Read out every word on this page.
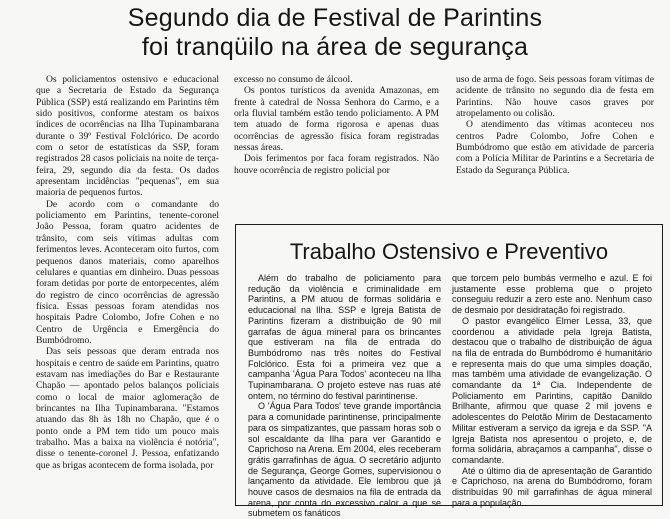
Segundo dia de Festival de Parintins
foi tranqüilo na área de segurança

Os policiamentos ostensivo e educacional que a Secretaria de Estado da Segurança Pública (SSP) está realizando em Parintins têm sido positivos, conforme atestam os baixos índices de ocorrências na Ilha Tupinambarana durante o 39º Festival Folclórico. De acordo com o setor de estatísticas da SSP, foram registrados 28 casos policiais na noite de terça-feira, 29, segundo dia da festa. Os dados apresentam incidências "pequenas", em sua maioria de pequenos furtos.

De acordo com o comandante do policiamento em Parintins, tenente-coronel João Pessoa, foram quatro acidentes de trânsito, com seis vítimas adultas com ferimentos leves. Aconteceram oito furtos, com pequenos danos materiais, como aparelhos celulares e quantias em dinheiro. Duas pessoas foram detidas por porte de entorpecentes, além do registro de cinco ocorrências de agressão física. Essas pessoas foram atendidas nos hospitais Padre Colombo, Jofre Cohen e no Centro de Urgência e Emergência do Bumbódromo.

Das seis pessoas que deram entrada nos hospitais e centro de saúde em Parintins, quatro estavam nas imediações do Bar e Restaurante Chapão — apontado pelos balanços policiais como o local de maior aglomeração de brincantes na Ilha Tupinambarana. "Estamos atuando das 8h às 18h no Chapão, que é o ponto onde a PM tem tido um pouco mais trabalho. Mas a baixa na violência é notória", disse o tenente-coronel J. Pessoa, enfatizando que as brigas acontecem de forma isolada, por

excesso no consumo de álcool.

Os pontos turísticos da avenida Amazonas, em frente à catedral de Nossa Senhora do Carmo, e a orla fluvial também estão tendo policiamento. A PM tem atuado de forma rigorosa e apenas duas ocorrências de agressão física foram registradas nessas áreas.

Dois ferimentos por faca foram registrados. Não houve ocorrência de registro policial por

uso de arma de fogo. Seis pessoas foram vítimas de acidente de trânsito no segundo dia de festa em Parintins. Não houve casos graves por atropelamento ou colisão.

O atendimento das vítimas aconteceu nos centros Padre Colombo, Jofre Cohen e Bumbódromo que estão em atividade de parceria com a Polícia Militar de Parintins e a Secretaria de Estado da Segurança Pública.

Trabalho Ostensivo e Preventivo

Além do trabalho de policiamento para redução da violência e criminalidade em Parintins, a PM atuou de formas solidária e educacional na Ilha. SSP e Igreja Batista de Parintins fizeram a distribuição de 90 mil garrafas de água mineral para os brincantes que estiveram na fila de entrada do Bumbódromo nas três noites do Festival Folclórico. Esta foi a primeira vez que a campanha 'Água Para Todos' aconteceu na Ilha Tupinambarana. O projeto esteve nas ruas até ontem, no término do festival parintinense.

O 'Água Para Todos' teve grande importância para a comunidade parintinense, principalmente para os simpatizantes, que passam horas sob o sol escaldante da Ilha para ver Garantido e Caprichoso na Arena. Em 2004, eles receberam grátis garrafinhas de água. O secretário adjunto de Segurança, George Gomes, supervisionou o lançamento da atividade. Ele lembrou que já houve casos de desmaios na fila de entrada da arena, por conta do excessivo calor a que se submetem os fanáticos

que torcem pelo bumbás vermelho e azul. E foi justamente esse problema que o projeto conseguiu reduzir a zero este ano. Nenhum caso de desmaio por desidratação foi registrado.

O pastor evangélico Elmer Lessa, 33, que coordenou a atividade pela Igreja Batista, destacou que o trabalho de distribuição de água na fila de entrada do Bumbódromo é humanitário e representa mais do que uma simples doação, mas também uma atividade de evangelização. O comandante da 1ª Cia. Independente de Policiamento em Parintins, capitão Danildo Brilhante, afirmou que quase 2 mil jovens e adolescentes do Pelotão Mirim de Destacamento Militar estiveram a serviço da igreja e da SSP. "A Igreja Batista nos apresentou o projeto, e, de forma solidária, abraçamos a campanha", disse o comandante.

Até o último dia de apresentação de Garantido e Caprichoso, na arena do Bumbódromo, foram distribuídas 90 mil garrafinhas de água mineral para a população.
